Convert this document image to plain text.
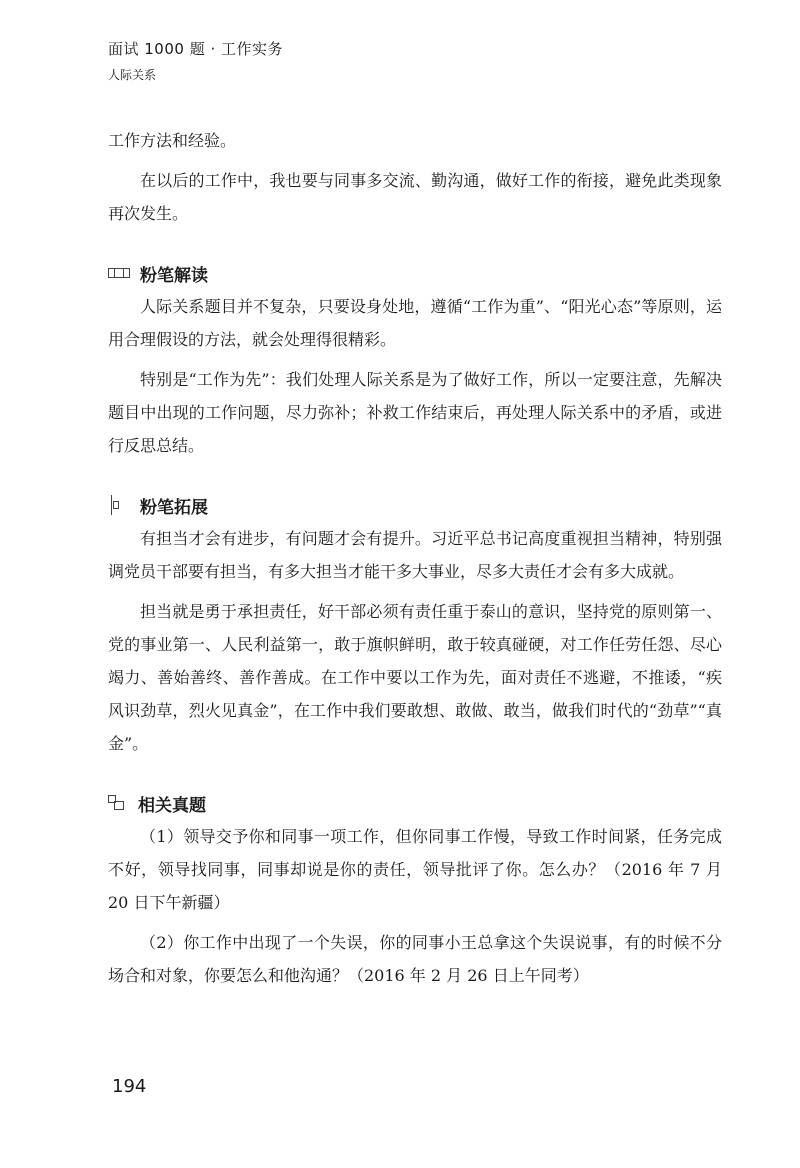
面试 1000 题 · 工作实务
人际关系

工作方法和经验。

在以后的工作中，我也要与同事多交流、勤沟通，做好工作的衔接，避免此类现象再次发生。

粉笔解读

人际关系题目并不复杂，只要设身处地，遵循“工作为重”、“阳光心态”等原则，运用合理假设的方法，就会处理得很精彩。

特别是“工作为先”：我们处理人际关系是为了做好工作，所以一定要注意，先解决题目中出现的工作问题，尽力弥补；补救工作结束后，再处理人际关系中的矛盾，或进行反思总结。

粉笔拓展

有担当才会有进步，有问题才会有提升。习近平总书记高度重视担当精神，特别强调党员干部要有担当，有多大担当才能干多大事业，尽多大责任才会有多大成就。

担当就是勇于承担责任，好干部必须有责任重于泰山的意识，坚持党的原则第一、党的事业第一、人民利益第一，敢于旗帜鲜明，敢于较真碰硬，对工作任劳任怨、尽心竭力、善始善终、善作善成。在工作中要以工作为先，面对责任不逃避，不推诿，“疾风识劲草，烈火见真金”，在工作中我们要敢想、敢做、敢当，做我们时代的“劲草”“真金”。

相关真题

（1）领导交予你和同事一项工作，但你同事工作慢，导致工作时间紧，任务完成不好，领导找同事，同事却说是你的责任，领导批评了你。怎么办？（2016 年 7 月 20 日下午新疆）

（2）你工作中出现了一个失误，你的同事小王总拿这个失误说事，有的时候不分场合和对象，你要怎么和他沟通？（2016 年 2 月 26 日上午同考）

194
